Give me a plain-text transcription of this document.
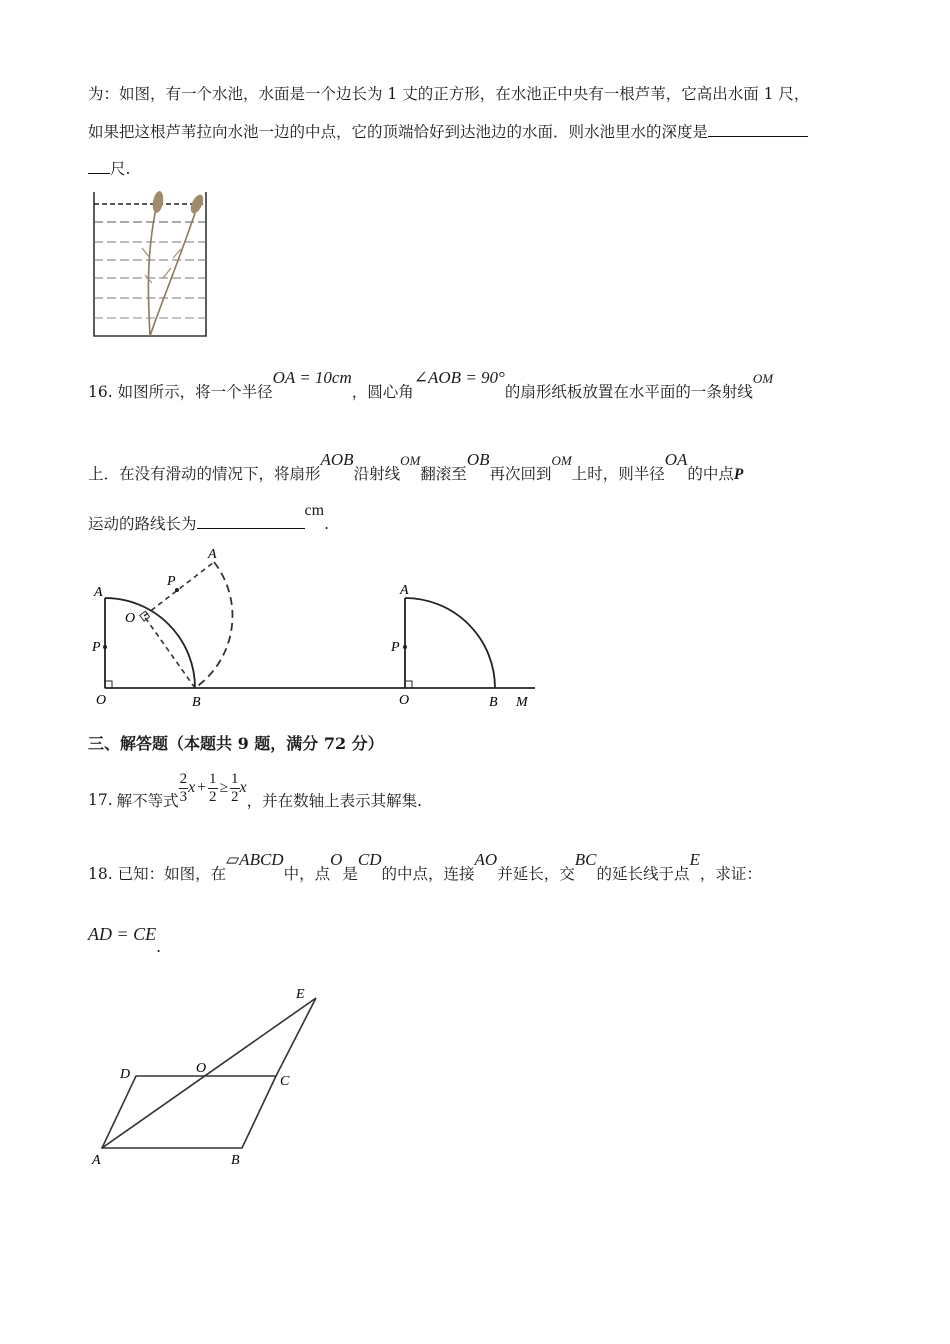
为：如图，有一个水池，水面是一个边长为 1 丈的正方形，在水池正中央有一根芦苇，它高出水面 1 尺，
如果把这根芦苇拉向水池一边的中点，它的顶端恰好到达池边的水面．则水池里水的深度是
尺.
16. 如图所示，将一个半径OA = 10cm，圆心角∠AOB = 90°的扇形纸板放置在水平面的一条射线$^{OM}$
上．在没有滑动的情况下，将扇形AOB沿射线$^{OM}$翻滚至OB再次回到$^{OM}$上时，则半径OA的中点P
运动的路线长为cm.
A
P
O	B
O
P
A
A
P
O	B M
三、解答题（本题共 9 题，满分 72 分）
17. 解不等式 $\frac{2}{3}$ $x + \frac{1}{2} \ge \frac{1}{2}$ x
，并在数轴上表示其解集.
18. 已知：如图，在▱ABCD中，点O是CD的中点，连接AO并延长，交BC的延长线于点E，求证：
AD = CE.
A	B
C
D	O
E
